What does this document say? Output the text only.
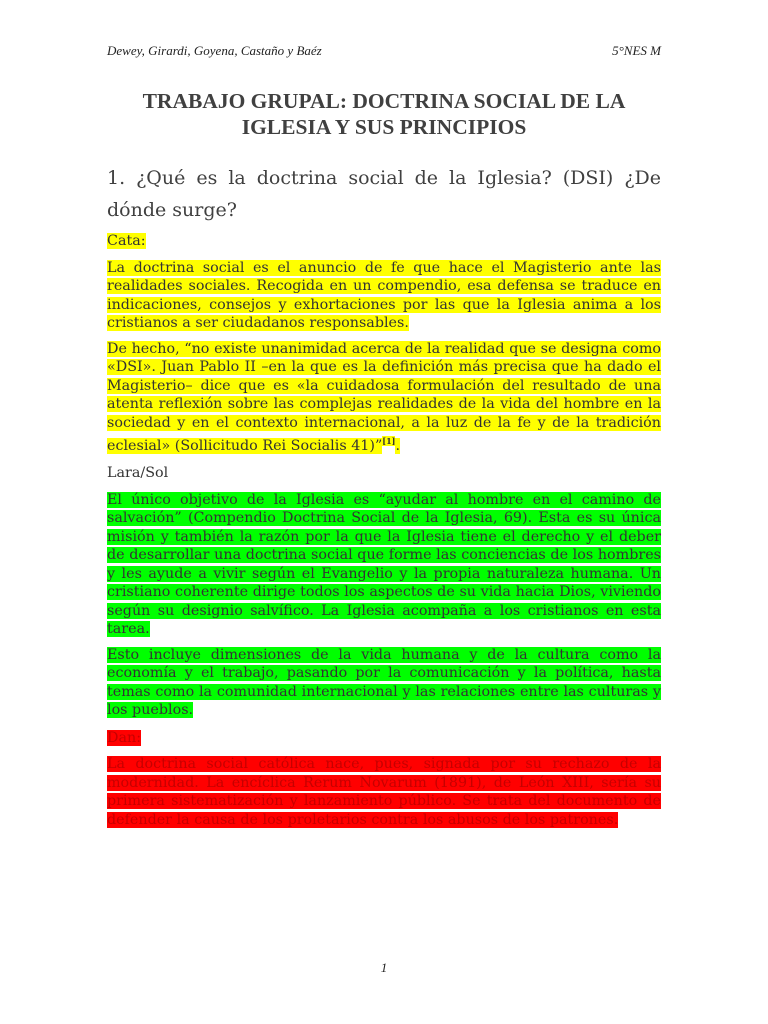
Dewey, Girardi, Goyena, Castaño y Baéz	5°NES M
TRABAJO GRUPAL: DOCTRINA SOCIAL DE LA IGLESIA Y SUS PRINCIPIOS
1. ¿Qué es la doctrina social de la Iglesia? (DSI) ¿De dónde surge?

Cata:

La doctrina social es el anuncio de fe que hace el Magisterio ante las realidades sociales. Recogida en un compendio, esa defensa se traduce en indicaciones, consejos y exhortaciones por las que la Iglesia anima a los cristianos a ser ciudadanos responsables.

De hecho, “no existe unanimidad acerca de la realidad que se designa como «DSI». Juan Pablo II –en la que es la definición más precisa que ha dado el Magisterio– dice que es «la cuidadosa formulación del resultado de una atenta reflexión sobre las complejas realidades de la vida del hombre en la sociedad y en el contexto internacional, a la luz de la fe y de la tradición eclesial» (Sollicitudo Rei Socialis 41)”[1].

Lara/Sol

El único objetivo de la Iglesia es “ayudar al hombre en el camino de salvación” (Compendio Doctrina Social de la Iglesia, 69). Esta es su única misión y también la razón por la que la Iglesia tiene el derecho y el deber de desarrollar una doctrina social que forme las conciencias de los hombres y les ayude a vivir según el Evangelio y la propia naturaleza humana. Un cristiano coherente dirige todos los aspectos de su vida hacia Dios, viviendo según su designio salvífico. La Iglesia acompaña a los cristianos en esta tarea.

Esto incluye dimensiones de la vida humana y de la cultura como la economía y el trabajo, pasando por la comunicación y la política, hasta temas como la comunidad internacional y las relaciones entre las culturas y los pueblos.

Dan:

La doctrina social católica nace, pues, signada por su rechazo de la modernidad. La encíclica Rerum Novarum (1891), de León XIII, sería su primera sistematización y lanzamiento público. Se trata del documento de defender la causa de los proletarios contra los abusos de los patrones.

1
